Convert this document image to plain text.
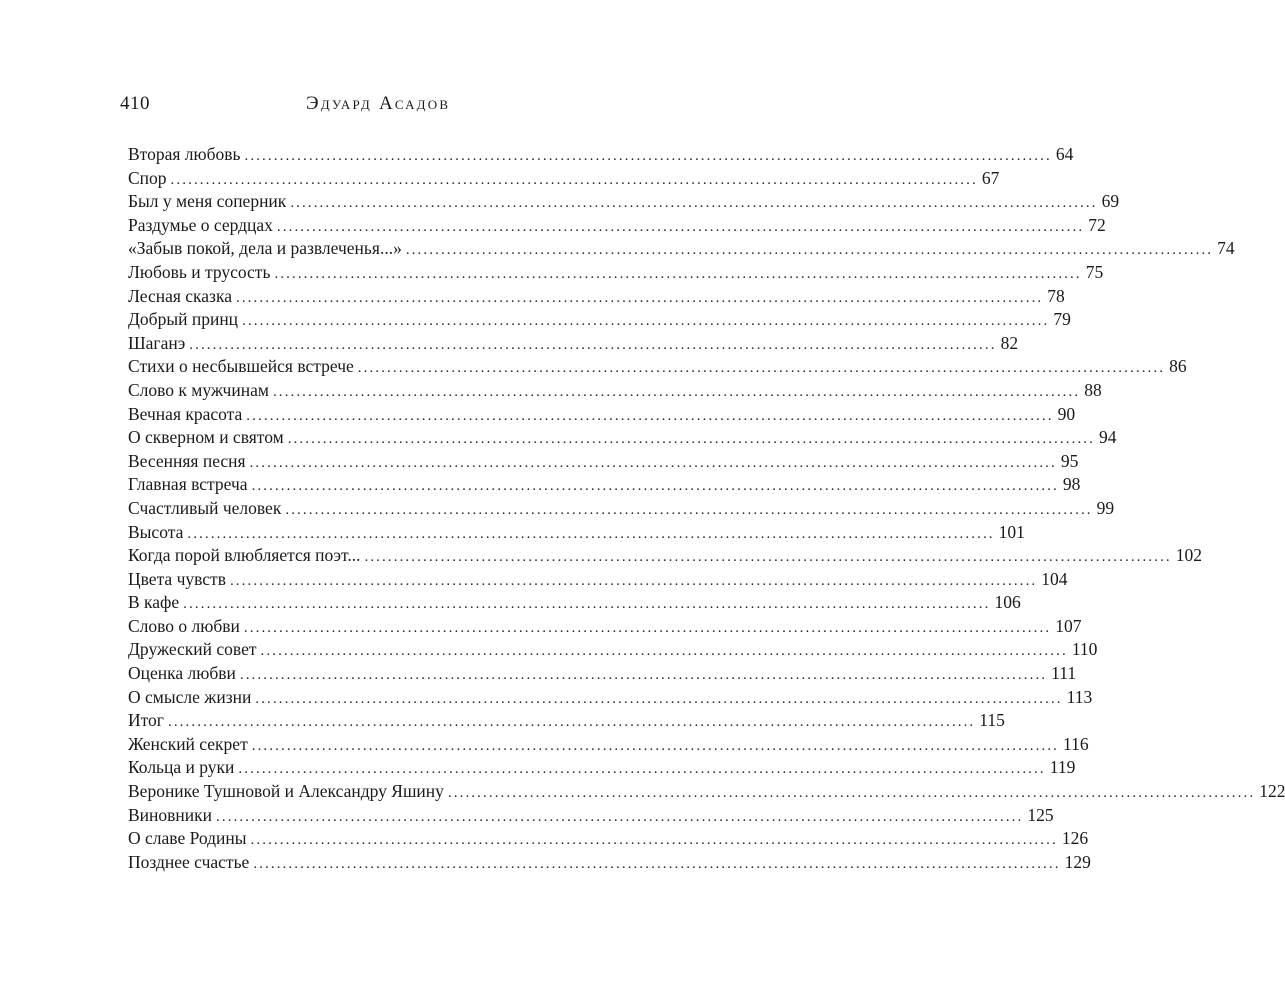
410	Эдуард Асадов
Вторая любовь .......................................................................................................................................... 64
Спор .......................................................................................................................................... 67
Был у меня соперник .......................................................................................................................................... 69
Раздумье о сердцах .......................................................................................................................................... 72
«Забыв покой, дела и развлеченья...» .......................................................................................................................................... 74
Любовь и трусость .......................................................................................................................................... 75
Лесная сказка .......................................................................................................................................... 78
Добрый принц .......................................................................................................................................... 79
Шаганэ .......................................................................................................................................... 82
Стихи о несбывшейся встрече .......................................................................................................................................... 86
Слово к мужчинам .......................................................................................................................................... 88
Вечная красота .......................................................................................................................................... 90
О скверном и святом .......................................................................................................................................... 94
Весенняя песня .......................................................................................................................................... 95
Главная встреча .......................................................................................................................................... 98
Счастливый человек .......................................................................................................................................... 99
Высота .......................................................................................................................................... 101
Когда порой влюбляется поэт... .......................................................................................................................................... 102
Цвета чувств .......................................................................................................................................... 104
В кафе .......................................................................................................................................... 106
Слово о любви .......................................................................................................................................... 107
Дружеский совет .......................................................................................................................................... 110
Оценка любви .......................................................................................................................................... 111
О смысле жизни .......................................................................................................................................... 113
Итог .......................................................................................................................................... 115
Женский секрет .......................................................................................................................................... 116
Кольца и руки .......................................................................................................................................... 119
Веронике Тушновой и Александру Яшину .......................................................................................................................................... 122
Виновники .......................................................................................................................................... 125
О славе Родины .......................................................................................................................................... 126
Позднее счастье .......................................................................................................................................... 129
